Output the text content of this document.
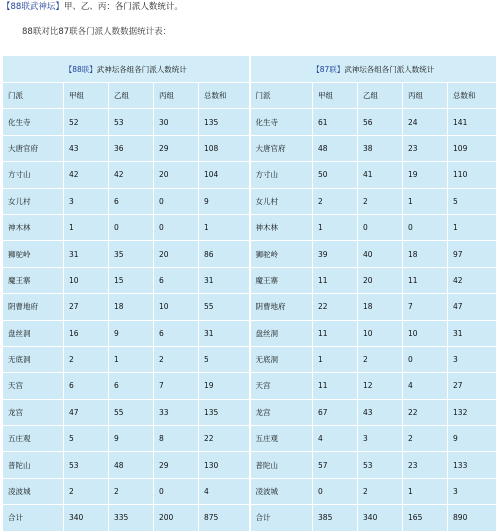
【88联武神坛】甲、乙、丙：各门派人数统计。
88联对比87联各门派人数数据统计表：
【88联】武神坛各组各门派人数统计					【87联】武神坛各组各门派人数统计				
门派	甲组	乙组	丙组	总数和	门派	甲组	乙组	丙组	总数和
化生寺	52	53	30	135	化生寺	61	56	24	141
大唐官府	43	36	29	108	大唐官府	48	38	23	109
方寸山	42	42	20	104	方寸山	50	41	19	110
女儿村	3	6	0	9	女儿村	2	2	1	5
神木林	1	0	0	1	神木林	1	0	0	1
狮驼岭	31	35	20	86	狮驼岭	39	40	18	97
魔王寨	10	15	6	31	魔王寨	11	20	11	42
阴曹地府	27	18	10	55	阴曹地府	22	18	7	47
盘丝洞	16	9	6	31	盘丝洞	11	10	10	31
无底洞	2	1	2	5	无底洞	1	2	0	3
天宫	6	6	7	19	天宫	11	12	4	27
龙宫	47	55	33	135	龙宫	67	43	22	132
五庄观	5	9	8	22	五庄观	4	3	2	9
普陀山	53	48	29	130	普陀山	57	53	23	133
凌波城	2	2	0	4	凌波城	0	2	1	3
合计	340	335	200	875	合计	385	340	165	890
